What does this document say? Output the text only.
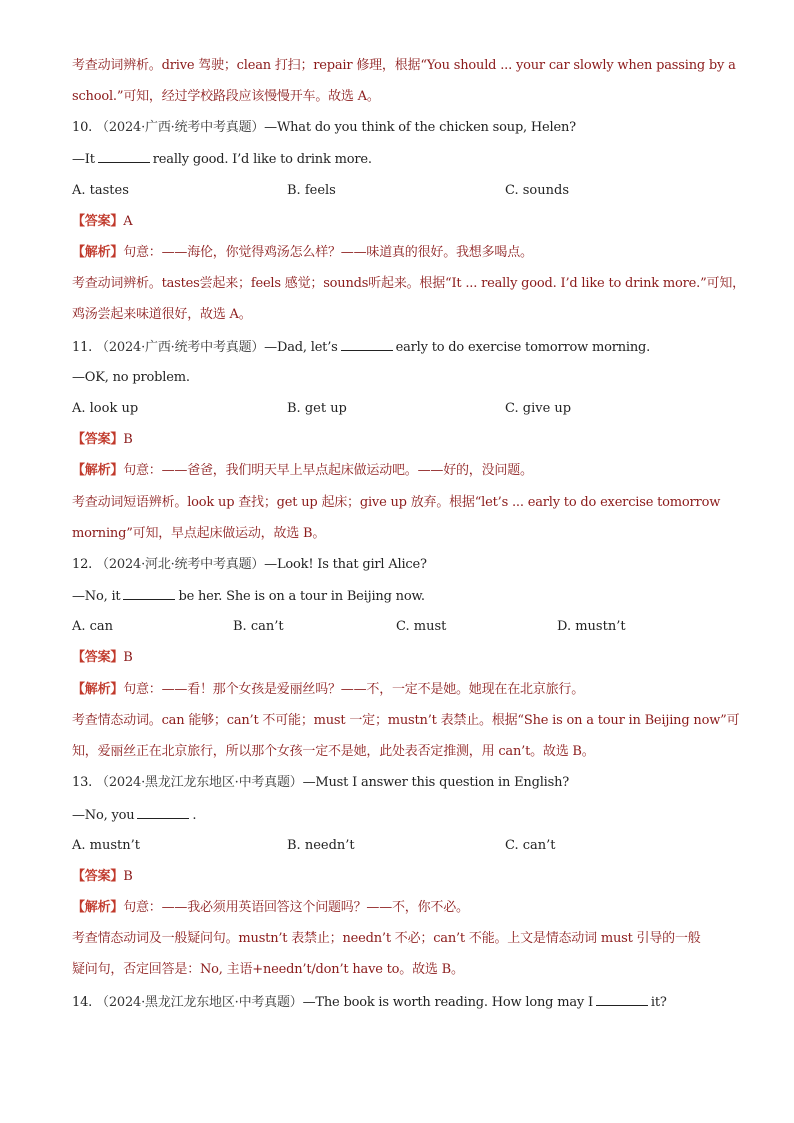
考查动词辨析。drive 驾驶；clean 打扫；repair 修理，根据“You should ... your car slowly when passing by a
school.”可知，经过学校路段应该慢慢开车。故选 A。
10. （2024·广西·统考中考真题）—What do you think of the chicken soup, Helen?
—It	really good. I’d like to drink more.
A. tastes	B. feels	C. sounds
【答案】A
【解析】句意：——海伦，你觉得鸡汤怎么样？——味道真的很好。我想多喝点。
考查动词辨析。tastes尝起来；feels 感觉；sounds听起来。根据“It ... really good. I’d like to drink more.”可知，
鸡汤尝起来味道很好，故选 A。
11. （2024·广西·统考中考真题）—Dad, let’s	early to do exercise tomorrow morning.
—OK, no problem.
A. look up	B. get up	C. give up
【答案】B
【解析】句意：——爸爸，我们明天早上早点起床做运动吧。——好的，没问题。
考查动词短语辨析。look up 查找；get up 起床；give up 放弃。根据“let’s ... early to do exercise tomorrow
morning”可知，早点起床做运动，故选 B。
12. （2024·河北·统考中考真题）—Look! Is that girl Alice?
—No, it	be her. She is on a tour in Beijing now.
A. can	B. can’t	C. must	D. mustn’t
【答案】B
【解析】句意：——看！那个女孩是爱丽丝吗？——不，一定不是她。她现在在北京旅行。
考查情态动词。can 能够；can’t 不可能；must 一定；mustn’t 表禁止。根据“She is on a tour in Beijing now”可
知，爱丽丝正在北京旅行，所以那个女孩一定不是她，此处表否定推测，用 can’t。故选 B。
13. （2024·黑龙江龙东地区·中考真题）—Must I answer this question in English?
—No, you	.
A. mustn’t	B. needn’t	C. can’t
【答案】B
【解析】句意：——我必须用英语回答这个问题吗？——不，你不必。
考查情态动词及一般疑问句。mustn’t 表禁止；needn’t 不必；can’t 不能。上文是情态动词 must 引导的一般
疑问句，否定回答是：No, 主语+needn’t/don’t have to。故选 B。
14. （2024·黑龙江龙东地区·中考真题）—The book is worth reading. How long may I	it?
